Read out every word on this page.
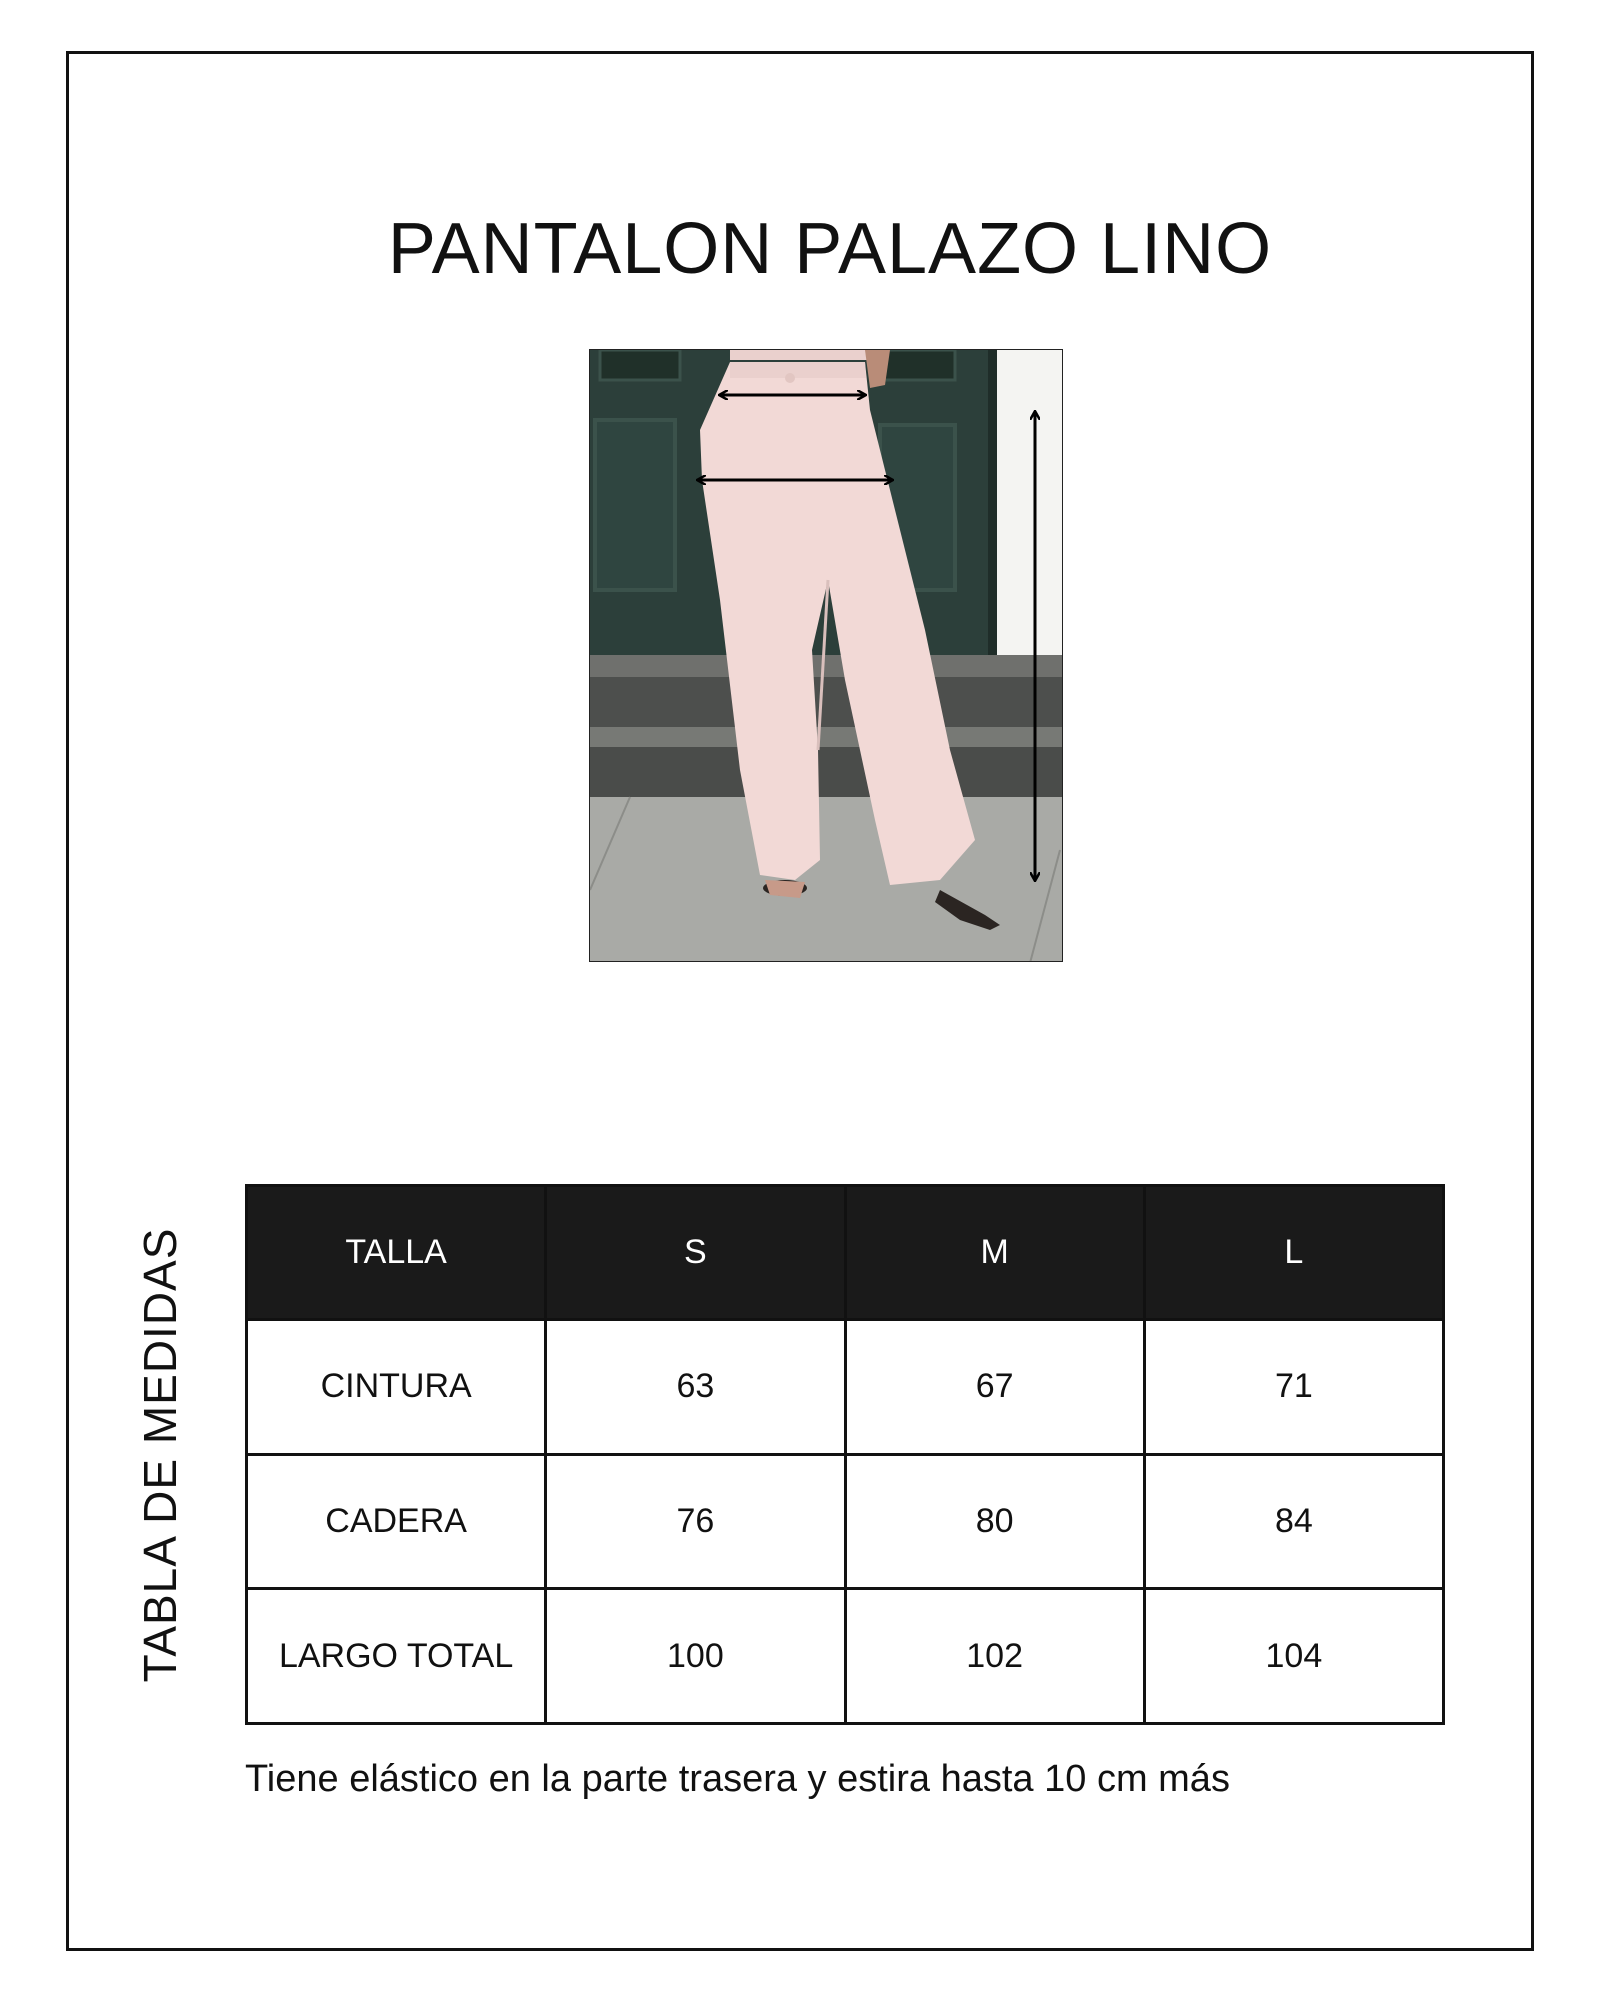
PANTALON PALAZO LINO
TABLA DE MEDIDAS	TALLA	S	M	L
CINTURA	63	67	71
CADERA	76	80	84
LARGO TOTAL	100	102	104
Tiene elástico en la parte trasera y estira hasta 10 cm más
